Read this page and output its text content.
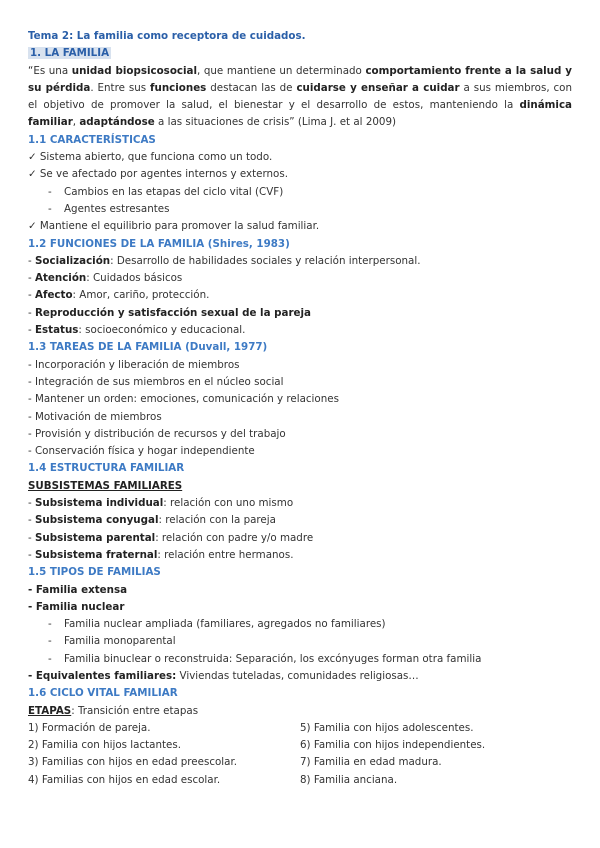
Tema 2: La familia como receptora de cuidados.
1. LA FAMILIA
“Es una unidad biopsicosocial, que mantiene un determinado comportamiento frente a la salud y su pérdida. Entre sus funciones destacan las de cuidarse y enseñar a cuidar a sus miembros, con el objetivo de promover la salud, el bienestar y el desarrollo de estos, manteniendo la dinámica familiar, adaptándose a las situaciones de crisis” (Lima J. et al 2009)
1.1 CARACTERÍSTICAS
✓ Sistema abierto, que funciona como un todo.
✓ Se ve afectado por agentes internos y externos.
- Cambios en las etapas del ciclo vital (CVF)
- Agentes estresantes
✓ Mantiene el equilibrio para promover la salud familiar.
1.2 FUNCIONES DE LA FAMILIA (Shires, 1983)
- Socialización: Desarrollo de habilidades sociales y relación interpersonal.
- Atención: Cuidados básicos
- Afecto: Amor, cariño, protección.
- Reproducción y satisfacción sexual de la pareja
- Estatus: socioeconómico y educacional.
1.3 TAREAS DE LA FAMILIA (Duvall, 1977)
- Incorporación y liberación de miembros
- Integración de sus miembros en el núcleo social
- Mantener un orden: emociones, comunicación y relaciones
- Motivación de miembros
- Provisión y distribución de recursos y del trabajo
- Conservación física y hogar independiente
1.4 ESTRUCTURA FAMILIAR
SUBSISTEMAS FAMILIARES
- Subsistema individual: relación con uno mismo
- Subsistema conyugal: relación con la pareja
- Subsistema parental: relación con padre y/o madre
- Subsistema fraternal: relación entre hermanos.
1.5 TIPOS DE FAMILIAS
- Familia extensa
- Familia nuclear
- Familia nuclear ampliada (familiares, agregados no familiares)
- Familia monoparental
- Familia binuclear o reconstruida: Separación, los excónyuges forman otra familia
- Equivalentes familiares: Viviendas tuteladas, comunidades religiosas…
1.6 CICLO VITAL FAMILIAR
ETAPAS: Transición entre etapas
1) Formación de pareja.
2) Familia con hijos lactantes.
3) Familias con hijos en edad preescolar.
4) Familias con hijos en edad escolar.
5) Familia con hijos adolescentes.
6) Familia con hijos independientes.
7) Familia en edad madura.
8) Familia anciana.
